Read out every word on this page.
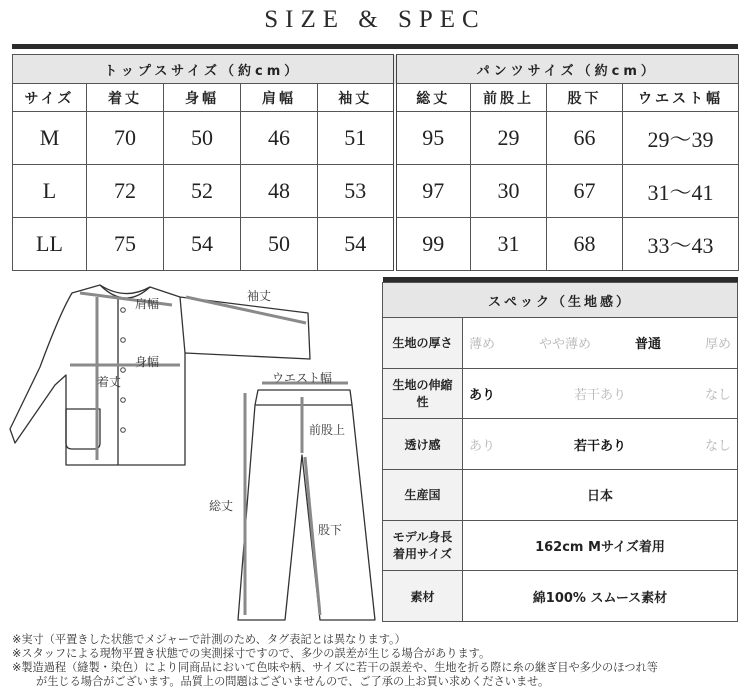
SIZE & SPEC
トップスサイズ（約cm）					パンツサイズ（約cm）			
サイズ	着丈	身幅	肩幅	袖丈	総丈	前股上	股下	ウエスト幅
M	70	50	46	51	95	29	66	29〜39
L	72	52	48	53	97	30	67	31〜41
LL	75	54	50	54	99	31	68	33〜43
肩幅
袖丈
身幅
着丈	ウエスト幅
前股上
総丈
股下

スペック（生地感）	
生地の厚さ	薄め やや薄め 普通 厚め

生地の伸縮性	あり 若干あり なし

透け感	あり 若干あり なし

生産国	日本

モデル身長
着用サイズ	162cm Mサイズ着用
素材	綿100% スムース素材
※実寸（平置きした状態でメジャーで計測のため、タグ表記とは異なります。）
※スタッフによる現物平置き状態での実測採寸ですので、多少の誤差が生じる場合があります。
※製造過程（縫製・染色）により同商品において色味や柄、サイズに若干の誤差や、生地を折る際に糸の継ぎ目や多少のほつれ等
が生じる場合がございます。品質上の問題はございませんので、ご了承の上お買い求めくださいませ。
